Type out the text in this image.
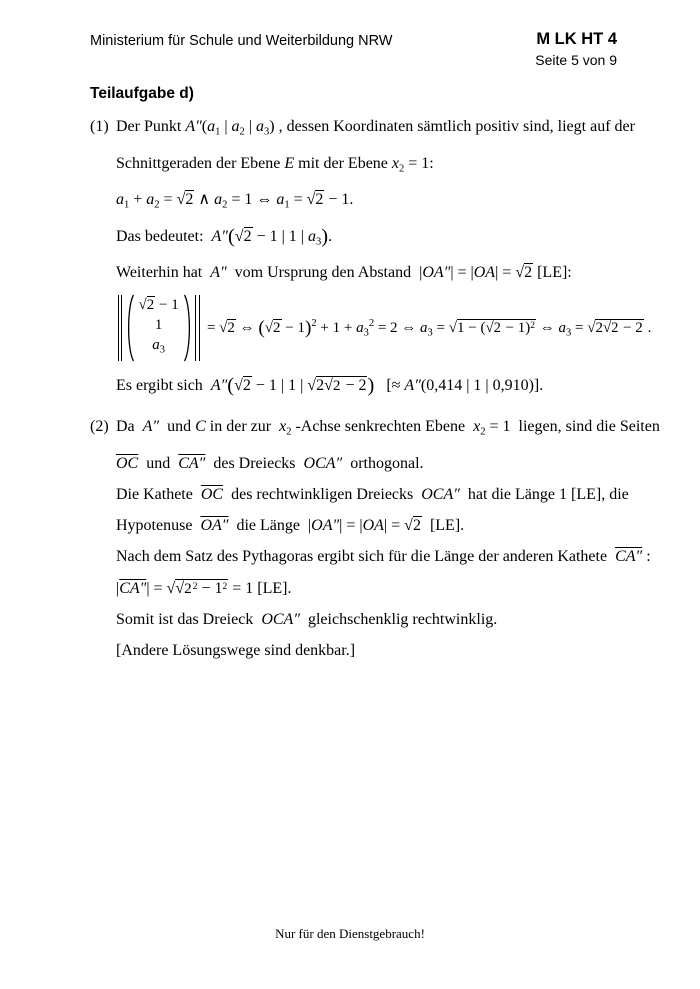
Ministerium für Schule und Weiterbildung NRW	M LK HT 4
Seite 5 von 9
Teilaufgabe d)
(1) Der Punkt $A''(a_1$ | $a_2$ | $a_3$) , dessen Koordinaten sämtlich positiv sind, liegt auf der
Schnittgeraden der Ebene E mit der Ebene $x_2 = 1$:
$a_1 + a_2 = √2$ ∧ $a_2 = 1$ ⇔ $a_1 = √2 - 1$.
Das bedeutet:  A″(√2 − 1 | 1 | $a_3$).
Weiterhin hat  A″  vom Ursprung den Abstand  |OA″| = |OA| = √2 [LE]:
√2 − 1
1
$a_3$
= √2 ⇔ $(√2 - 1)^2 + 1 + a_3^2 = 2$ ⇔ $a_3 = √1 - (√2 - 1)^2$ ⇔ $a_3 = √2√2 - 2$ .
Es ergibt sich  A″(√2 − 1 | 1 | √2√2 − 2)   [≈ A″(0,414 | 1 | 0,910)].
(2) Da  A″  und C in der zur  $x_2$ -Achse senkrechten Ebene  $x_2 = 1$  liegen, sind die Seiten
$\overline{OC}$  und  CA″  des Dreiecks  OCA″  orthogonal.
Die Kathete  $\overline{OC}$  des rechtwinkligen Dreiecks  OCA″  hat die Länge 1 [LE], die
Hypotenuse  OA″  die Länge  |OA″| = |OA| = √2  [LE].
Nach dem Satz des Pythagoras ergibt sich für die Länge der anderen Kathete  CA″ :
$|CA''| = √√2^2 - 1^2 = 1$ [LE].
Somit ist das Dreieck  OCA″  gleichschenklig rechtwinklig.
[Andere Lösungswege sind denkbar.]
Nur für den Dienstgebrauch!
